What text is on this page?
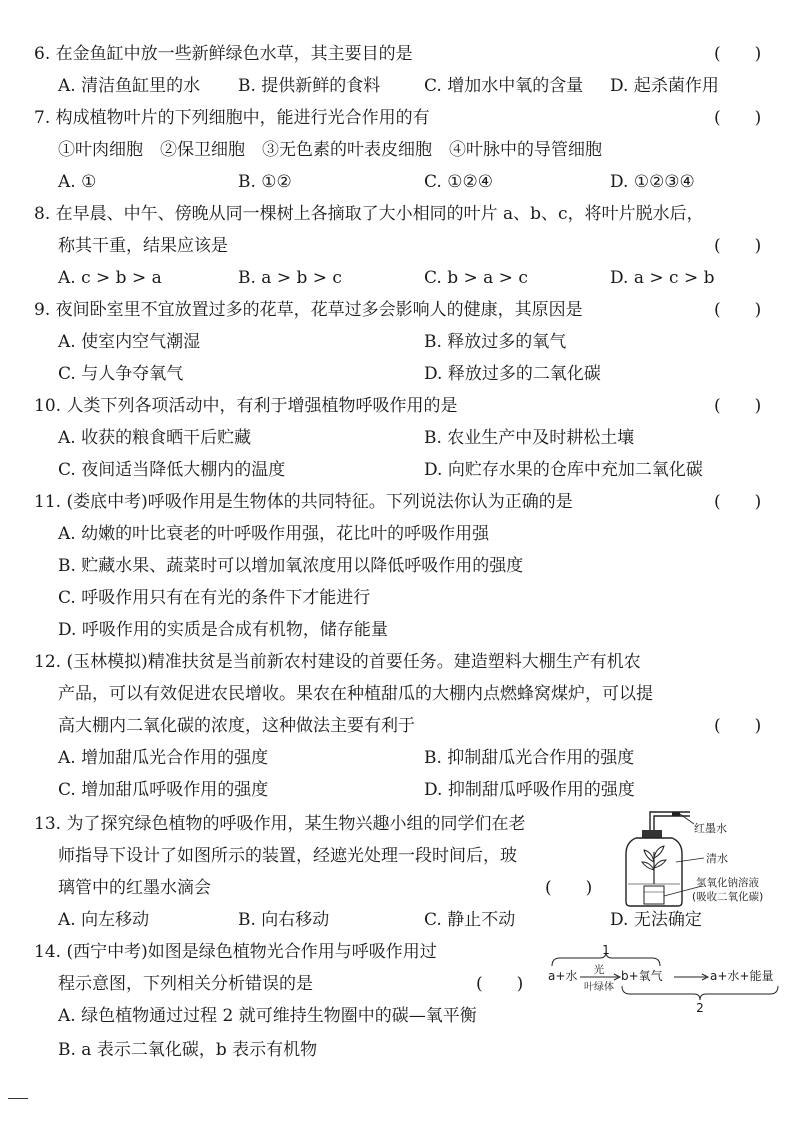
6. 在金鱼缸中放一些新鲜绿色水草，其主要目的是	(　　)
A. 清洁鱼缸里的水 B. 提供新鲜的食料	C. 增加水中氧的含量 D. 起杀菌作用
7. 构成植物叶片的下列细胞中，能进行光合作用的有	(　　)
①叶肉细胞　②保卫细胞　③无色素的叶表皮细胞　④叶脉中的导管细胞
A. ①	B. ①②	C. ①②④	D. ①②③④
8. 在早晨、中午、傍晚从同一棵树上各摘取了大小相同的叶片 a、b、c，将叶片脱水后，
称其干重，结果应该是	(　　)
A. c > b > a	B. a > b > c	C. b > a > c	D. a > c > b
9. 夜间卧室里不宜放置过多的花草，花草过多会影响人的健康，其原因是	(　　)
A. 使室内空气潮湿	B. 释放过多的氧气
C. 与人争夺氧气	D. 释放过多的二氧化碳
10. 人类下列各项活动中，有利于增强植物呼吸作用的是	(　　)
A. 收获的粮食晒干后贮藏	B. 农业生产中及时耕松土壤
C. 夜间适当降低大棚内的温度	D. 向贮存水果的仓库中充加二氧化碳
11. (娄底中考)呼吸作用是生物体的共同特征。下列说法你认为正确的是	(　　)
A. 幼嫩的叶比衰老的叶呼吸作用强，花比叶的呼吸作用强
B. 贮藏水果、蔬菜时可以增加氧浓度用以降低呼吸作用的强度
C. 呼吸作用只有在有光的条件下才能进行
D. 呼吸作用的实质是合成有机物，储存能量
12. (玉林模拟)精准扶贫是当前新农村建设的首要任务。建造塑料大棚生产有机农
产品，可以有效促进农民增收。果农在种植甜瓜的大棚内点燃蜂窝煤炉，可以提
高大棚内二氧化碳的浓度，这种做法主要有利于	(　　)
A. 增加甜瓜光合作用的强度	B. 抑制甜瓜光合作用的强度
C. 增加甜瓜呼吸作用的强度	D. 抑制甜瓜呼吸作用的强度
13. 为了探究绿色植物的呼吸作用，某生物兴趣小组的同学们在老
师指导下设计了如图所示的装置，经遮光处理一段时间后，玻
璃管中的红墨水滴会	(　　)
A. 向左移动	B. 向右移动	C. 静止不动	D. 无法确定
红墨水
清水
氢氧化钠溶液
(吸收二氧化碳)
14. (西宁中考)如图是绿色植物光合作用与呼吸作用过
程示意图，下列相关分析错误的是	(　　)
A. 绿色植物通过过程 2 就可维持生物圈中的碳—氧平衡
B. a 表示二氧化碳，b 表示有机物
1
a+水 光
叶绿体
b+氧气	a+水+能量
2
